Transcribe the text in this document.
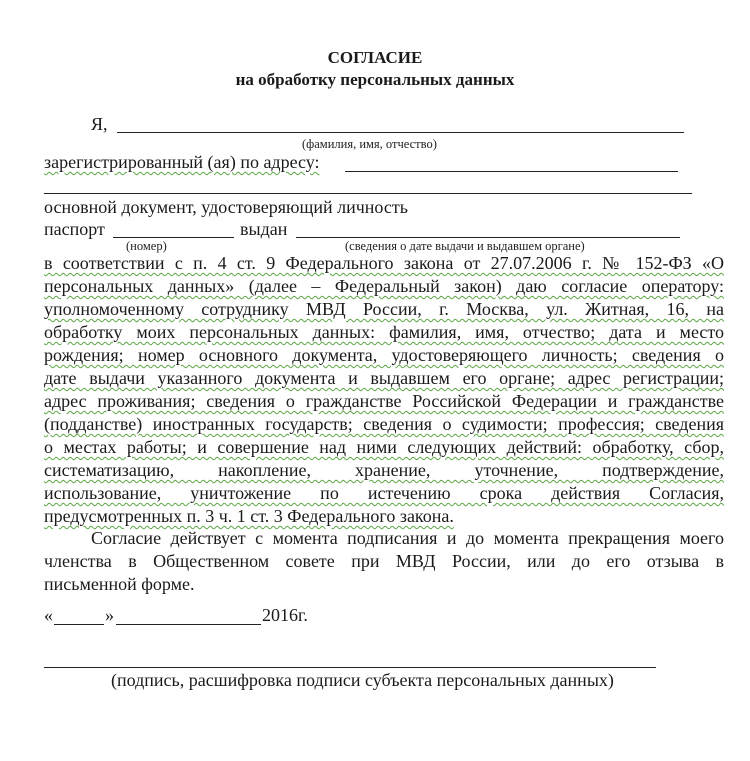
СОГЛАСИЕ
на обработку персональных данных
Я,
(фамилия, имя, отчество)
зарегистрированный (ая) по адресу:
основной документ, удостоверяющий личность
паспорт	выдан
(номер)	(сведения о дате выдачи и выдавшем органе)
в соответствии с п. 4 ст. 9 Федерального закона от 27.07.2006 г. № 152-ФЗ «О
персональных данных» (далее – Федеральный закон) даю согласие оператору:
уполномоченному сотруднику МВД России, г. Москва, ул. Житная, 16, на
обработку моих персональных данных: фамилия, имя, отчество; дата и место
рождения; номер основного документа, удостоверяющего личность; сведения о
дате выдачи указанного документа и выдавшем его органе; адрес регистрации;
адрес проживания; сведения о гражданстве Российской Федерации и гражданстве
(подданстве) иностранных государств; сведения о судимости; профессия; сведения
о местах работы; и совершение над ними следующих действий: обработку, сбор,
систематизацию, накопление, хранение, уточнение, подтверждение,
использование, уничтожение по истечению срока действия Согласия,
предусмотренных п. 3 ч. 1 ст. 3 Федерального закона.
Согласие действует с момента подписания и до момента прекращения моего
членства в Общественном совете при МВД России, или до его отзыва в
письменной форме.
«	»	2016г.
(подпись, расшифровка подписи субъекта персональных данных)
